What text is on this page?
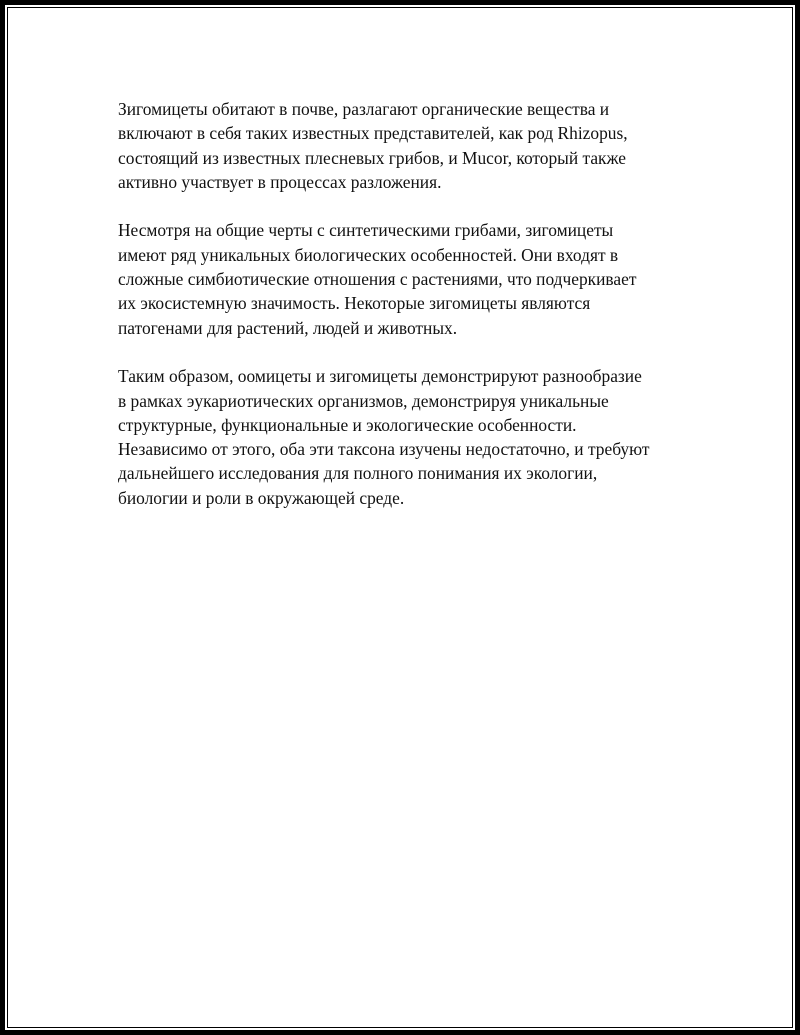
Зигомицеты обитают в почве, разлагают органические вещества и
включают в себя таких известных представителей, как род Rhizopus,
состоящий из известных плесневых грибов, и Mucor, который также
активно участвует в процессах разложения.

Несмотря на общие черты с синтетическими грибами, зигомицеты
имеют ряд уникальных биологических особенностей. Они входят в
сложные симбиотические отношения с растениями, что подчеркивает
их экосистемную значимость. Некоторые зигомицеты являются
патогенами для растений, людей и животных.

Таким образом, оомицеты и зигомицеты демонстрируют разнообразие
в рамках эукариотических организмов, демонстрируя уникальные
структурные, функциональные и экологические особенности.
Независимо от этого, оба эти таксона изучены недостаточно, и требуют
дальнейшего исследования для полного понимания их экологии,
биологии и роли в окружающей среде.
